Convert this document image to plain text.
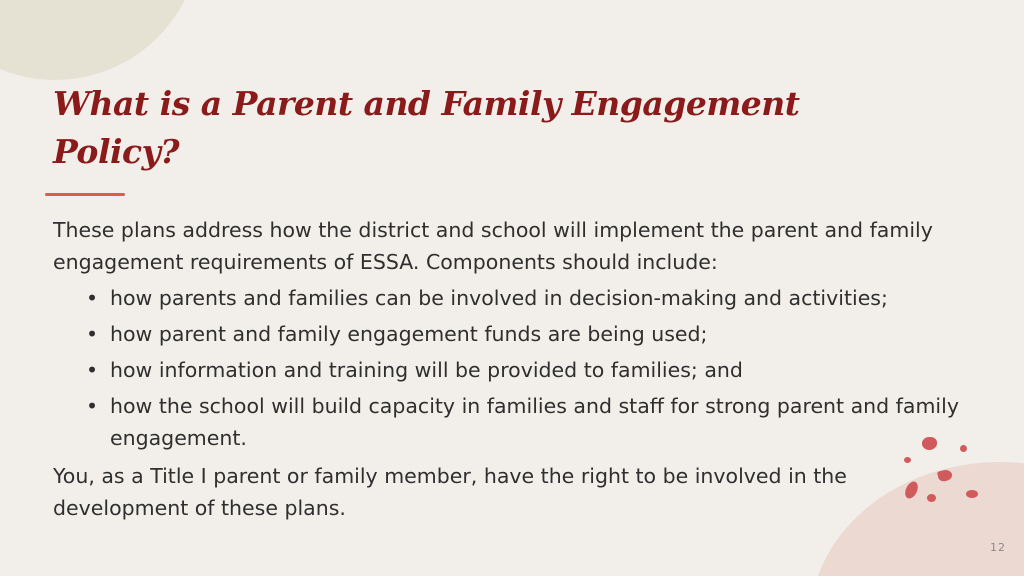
What is a Parent and Family Engagement Policy?

These plans address how the district and school will implement the parent and family engagement requirements of ESSA. Components should include:

• how parents and families can be involved in decision-making and activities;
• how parent and family engagement funds are being used;
• how information and training will be provided to families; and
• how the school will build capacity in families and staff for strong parent and family engagement.

You, as a Title I parent or family member, have the right to be involved in the development of these plans.

12
